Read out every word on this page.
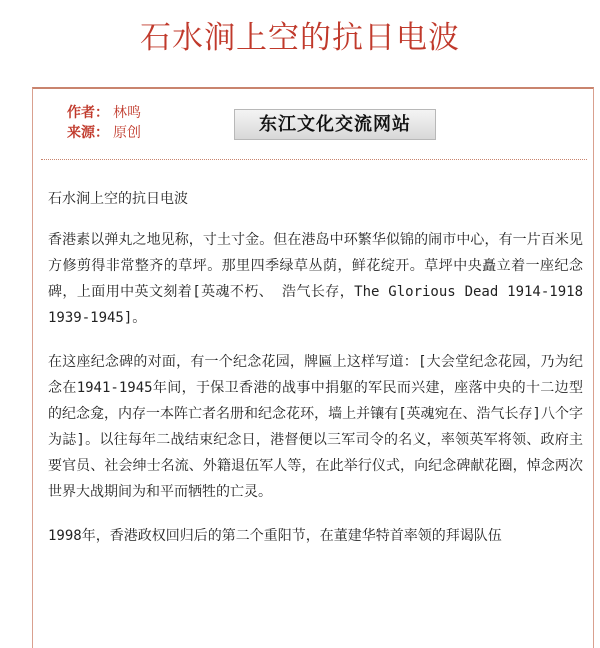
石水涧上空的抗日电波
作者： 林鸣
来源： 原创	东江文化交流网站

石水涧上空的抗日电波

香港素以弹丸之地见称，寸土寸金。但在港岛中环繁华似锦的闹市中心，有一片百米见方修剪得非常整齐的草坪。那里四季绿草丛荫，鲜花绽开。草坪中央矗立着一座纪念碑，上面用中英文刻着[英魂不朽、 浩气长存，The Glorious Dead 1914-1918 1939-1945]。

在这座纪念碑的对面，有一个纪念花园，牌匾上这样写道：[大会堂纪念花园，乃为纪念在1941-1945年间，于保卫香港的战事中捐躯的军民而兴建，座落中央的十二边型的纪念龛，内存一本阵亡者名册和纪念花环，墙上并镶有[英魂宛在、浩气长存]八个字为誌]。以往每年二战结束纪念日，港督便以三军司令的名义，率领英军将领、政府主要官员、社会绅士名流、外籍退伍军人等，在此举行仪式，向纪念碑献花圈，悼念两次世界大战期间为和平而牺牲的亡灵。

1998年，香港政权回归后的第二个重阳节，在董建华特首率领的拜谒队伍
